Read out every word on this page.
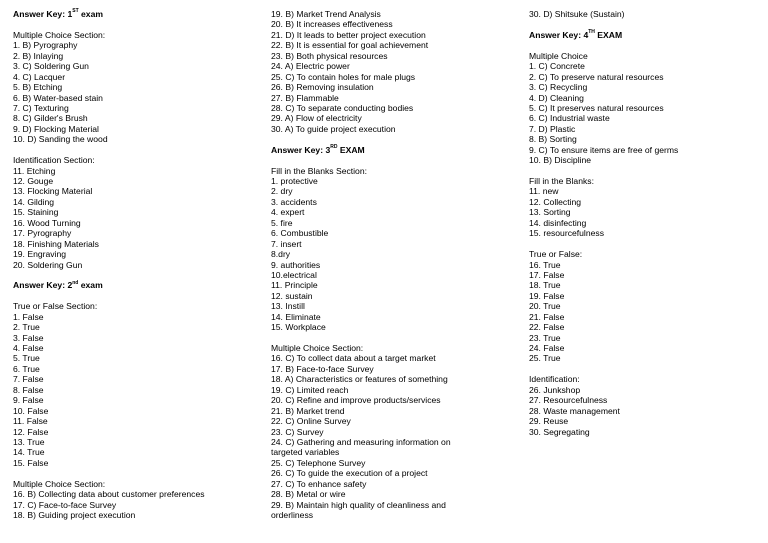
Answer Key: 1ST exam
Multiple Choice Section:
1. B) Pyrography
2. B) Inlaying
3. C) Soldering Gun
4. C) Lacquer
5. B) Etching
6. B) Water-based stain
7. C) Texturing
8. C) Gilder's Brush
9. D) Flocking Material
10. D) Sanding the wood
Identification Section:
11. Etching
12. Gouge
13. Flocking Material
14. Gilding
15. Staining
16. Wood Turning
17. Pyrography
18. Finishing Materials
19. Engraving
20. Soldering Gun
Answer Key: 2nd exam
True or False Section:
1. False
2. True
3. False
4. False
5. True
6. True
7. False
8. False
9. False
10. False
11. False
12. False
13. True
14. True
15. False
Multiple Choice Section:
16. B) Collecting data about customer preferences
17. C) Face-to-face Survey
18. B) Guiding project execution
19. B) Market Trend Analysis
20. B) It increases effectiveness
21. D) It leads to better project execution
22. B) It is essential for goal achievement
23. B) Both physical resources
24. A) Electric power
25. C) To contain holes for male plugs
26. B) Removing insulation
27. B) Flammable
28. C) To separate conducting bodies
29. A) Flow of electricity
30. A) To guide project execution
Answer Key: 3RD EXAM
Fill in the Blanks Section:
1. protective
2. dry
3. accidents
4. expert
5. fire
6. Combustible
7. insert
8.dry
9. authorities
10.electrical
11. Principle
12. sustain
13. Instill
14. Eliminate
15. Workplace
Multiple Choice Section:
16. C) To collect data about a target market
17. B) Face-to-face Survey
18. A) Characteristics or features of something
19. C) Limited reach
20. C) Refine and improve products/services
21. B) Market trend
22. C) Online Survey
23. C) Survey
24. C) Gathering and measuring information on
targeted variables
25. C) Telephone Survey
26. C) To guide the execution of a project
27. C) To enhance safety
28. B) Metal or wire
29. B) Maintain high quality of cleanliness and
orderliness
30. D) Shitsuke (Sustain)
Answer Key: 4TH EXAM
Multiple Choice
1. C) Concrete
2. C) To preserve natural resources
3. C) Recycling
4. D) Cleaning
5. C) It preserves natural resources
6. C) Industrial waste
7. D) Plastic
8. B) Sorting
9. C) To ensure items are free of germs
10. B) Discipline
Fill in the Blanks:
11. new
12. Collecting
13. Sorting
14. disinfecting
15. resourcefulness
True or False:
16. True
17. False
18. True
19. False
20. True
21. False
22. False
23. True
24. False
25. True
Identification:
26. Junkshop
27. Resourcefulness
28. Waste management
29. Reuse
30. Segregating
